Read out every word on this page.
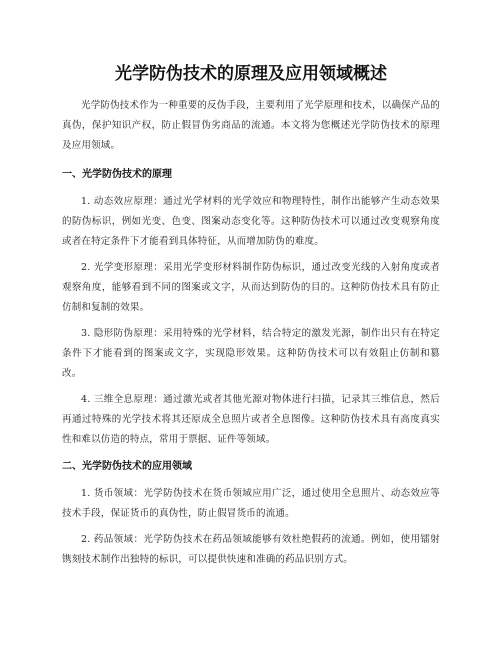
光学防伪技术的原理及应用领域概述

光学防伪技术作为一种重要的反伪手段，主要利用了光学原理和技术，以确保产品的真伪，保护知识产权，防止假冒伪劣商品的流通。本文将为您概述光学防伪技术的原理及应用领域。

一、光学防伪技术的原理

1. 动态效应原理：通过光学材料的光学效应和物理特性，制作出能够产生动态效果的防伪标识，例如光变、色变、图案动态变化等。这种防伪技术可以通过改变观察角度或者在特定条件下才能看到具体特征，从而增加防伪的难度。

2. 光学变形原理：采用光学变形材料制作防伪标识，通过改变光线的入射角度或者观察角度，能够看到不同的图案或文字，从而达到防伪的目的。这种防伪技术具有防止仿制和复制的效果。

3. 隐形防伪原理：采用特殊的光学材料，结合特定的激发光源，制作出只有在特定条件下才能看到的图案或文字，实现隐形效果。这种防伪技术可以有效阻止仿制和篡改。

4. 三维全息原理：通过激光或者其他光源对物体进行扫描，记录其三维信息，然后再通过特殊的光学技术将其还原成全息照片或者全息图像。这种防伪技术具有高度真实性和难以仿造的特点，常用于票据、证件等领域。

二、光学防伪技术的应用领域

1. 货币领域：光学防伪技术在货币领域应用广泛，通过使用全息照片、动态效应等技术手段，保证货币的真伪性，防止假冒货币的流通。

2. 药品领域：光学防伪技术在药品领域能够有效杜绝假药的流通。例如，使用镭射镌刻技术制作出独特的标识，可以提供快速和准确的药品识别方式。
